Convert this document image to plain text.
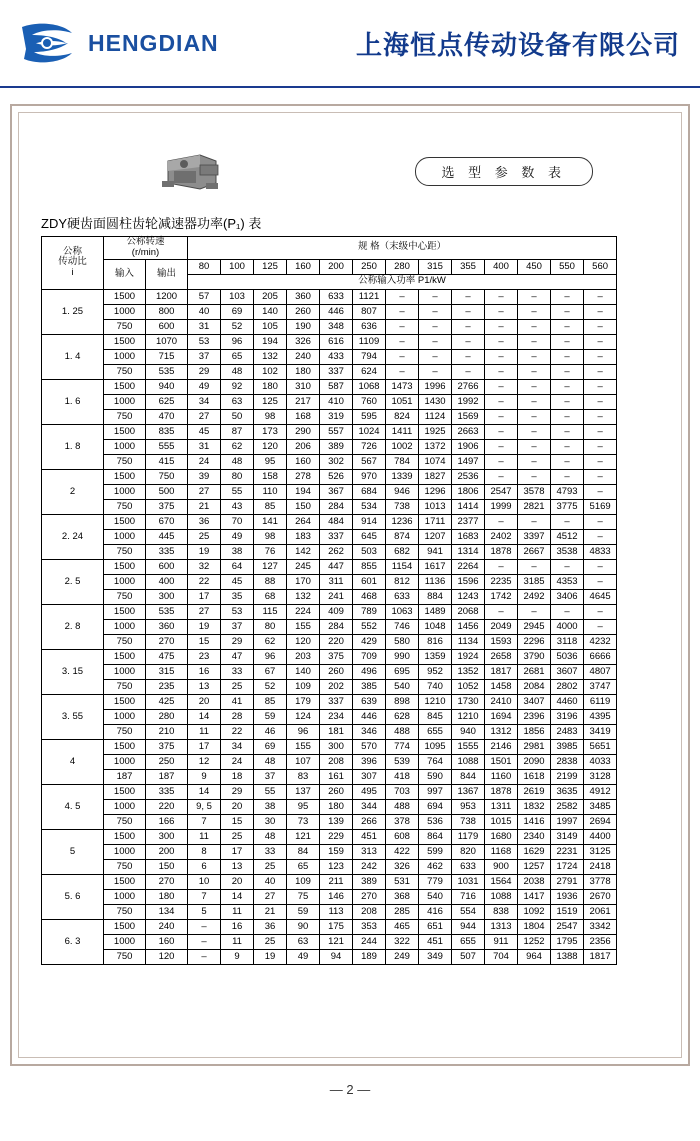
HENGDIAN	上海恒点传动设备有限公司
选 型 参 数 表
ZDY硬齿面圆柱齿轮减速器功率(P₁) 表
公称
传动比
i

公称转速
(r/min)	规 格（末级中心距）
	输入	输出	80	100	125	160	200	250	280	315	355	400	450	550	560
			公称输入功率 P1/kW												
1. 25	1500	1200	57	103	205	360	633	1121	–	–	–	–	–	–	–
	1000	800	40	69	140	260	446	807	–	–	–	–	–	–	–
	750	600	31	52	105	190	348	636	–	–	–	–	–	–	–
1. 4	1500	1070	53	96	194	326	616	1109	–	–	–	–	–	–	–
	1000	715	37	65	132	240	433	794	–	–	–	–	–	–	–
	750	535	29	48	102	180	337	624	–	–	–	–	–	–	–
1. 6	1500	940	49	92	180	310	587	1068	1473	1996	2766	–	–	–	–
	1000	625	34	63	125	217	410	760	1051	1430	1992	–	–	–	–
	750	470	27	50	98	168	319	595	824	1124	1569	–	–	–	–
1. 8	1500	835	45	87	173	290	557	1024	1411	1925	2663	–	–	–	–
	1000	555	31	62	120	206	389	726	1002	1372	1906	–	–	–	–
	750	415	24	48	95	160	302	567	784	1074	1497	–	–	–	–
2	1500	750	39	80	158	278	526	970	1339	1827	2536	–	–	–	–
	1000	500	27	55	110	194	367	684	946	1296	1806	2547	3578	4793	–
	750	375	21	43	85	150	284	534	738	1013	1414	1999	2821	3775	5169
2. 24	1500	670	36	70	141	264	484	914	1236	1711	2377	–	–	–	–
	1000	445	25	49	98	183	337	645	874	1207	1683	2402	3397	4512	–
	750	335	19	38	76	142	262	503	682	941	1314	1878	2667	3538	4833
2. 5	1500	600	32	64	127	245	447	855	1154	1617	2264	–	–	–	–
	1000	400	22	45	88	170	311	601	812	1136	1596	2235	3185	4353	–
	750	300	17	35	68	132	241	468	633	884	1243	1742	2492	3406	4645
2. 8	1500	535	27	53	115	224	409	789	1063	1489	2068	–	–	–	–
	1000	360	19	37	80	155	284	552	746	1048	1456	2049	2945	4000	–
	750	270	15	29	62	120	220	429	580	816	1134	1593	2296	3118	4232
3. 15	1500	475	23	47	96	203	375	709	990	1359	1924	2658	3790	5036	6666
	1000	315	16	33	67	140	260	496	695	952	1352	1817	2681	3607	4807
	750	235	13	25	52	109	202	385	540	740	1052	1458	2084	2802	3747
3. 55	1500	425	20	41	85	179	337	639	898	1210	1730	2410	3407	4460	6119
	1000	280	14	28	59	124	234	446	628	845	1210	1694	2396	3196	4395
	750	210	11	22	46	96	181	346	488	655	940	1312	1856	2483	3419
4	1500	375	17	34	69	155	300	570	774	1095	1555	2146	2981	3985	5651
	1000	250	12	24	48	107	208	396	539	764	1088	1501	2090	2838	4033
	187	187	9	18	37	83	161	307	418	590	844	1160	1618	2199	3128
4. 5	1500	335	14	29	55	137	260	495	703	997	1367	1878	2619	3635	4912
	1000	220	9, 5	20	38	95	180	344	488	694	953	1311	1832	2582	3485
	750	166	7	15	30	73	139	266	378	536	738	1015	1416	1997	2694
5	1500	300	11	25	48	121	229	451	608	864	1179	1680	2340	3149	4400
	1000	200	8	17	33	84	159	313	422	599	820	1168	1629	2231	3125
	750	150	6	13	25	65	123	242	326	462	633	900	1257	1724	2418
5. 6	1500	270	10	20	40	109	211	389	531	779	1031	1564	2038	2791	3778
	1000	180	7	14	27	75	146	270	368	540	716	1088	1417	1936	2670
	750	134	5	11	21	59	113	208	285	416	554	838	1092	1519	2061
6. 3	1500	240	–	16	36	90	175	353	465	651	944	1313	1804	2547	3342
	1000	160	–	11	25	63	121	244	322	451	655	911	1252	1795	2356
	750	120	–	9	19	49	94	189	249	349	507	704	964	1388	1817
— 2 —
